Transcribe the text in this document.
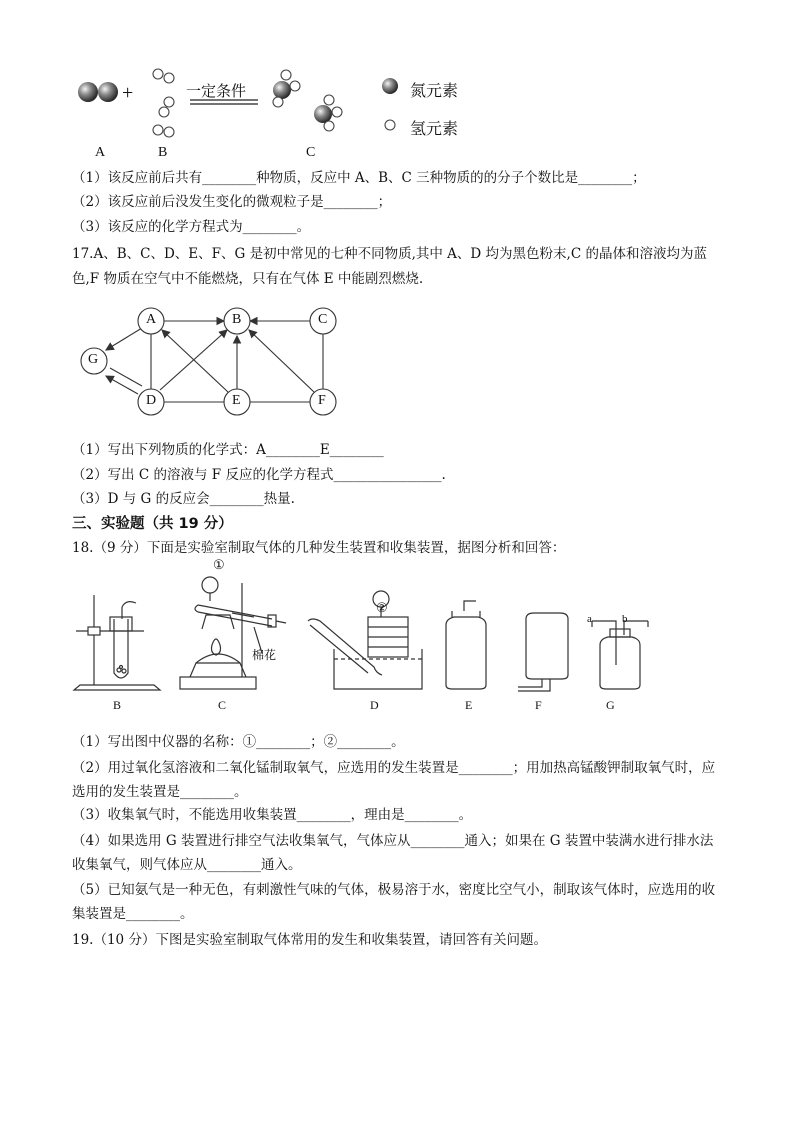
+	一定条件	氮元素
氢元素
A	B	C
（1）该反应前后共有________种物质，反应中 A、B、C 三种物质的的分子个数比是________；
（2）该反应前后没发生变化的微观粒子是________；
（3）该反应的化学方程式为________。
17.A、B、C、D、E、F、G 是初中常见的七种不同物质,其中 A、D 均为黑色粉末,C 的晶体和溶液均为蓝色,F 物质在空气中不能燃烧，只有在气体 E 中能剧烈燃烧.
A	B	C
G
D	E	F
（1）写出下列物质的化学式：A________E________
（2）写出 C 的溶液与 F 反应的化学方程式________________.
（3）D 与 G 的反应会________热量.
三、实验题（共 19 分）
18.（9 分）下面是实验室制取气体的几种发生装置和收集装置，据图分析和回答：
①
②
棉花
a	b
B	C	D	E	F	G
（1）写出图中仪器的名称：①________；②________。
（2）用过氧化氢溶液和二氧化锰制取氧气，应选用的发生装置是________；用加热高锰酸钾制取氧气时，应选用的发生装置是________。
（3）收集氧气时，不能选用收集装置________，理由是________。
（4）如果选用 G 装置进行排空气法收集氧气，气体应从________通入；如果在 G 装置中装满水进行排水法收集氧气，则气体应从________通入。
（5）已知氨气是一种无色，有刺激性气味的气体，极易溶于水，密度比空气小，制取该气体时，应选用的收集装置是________。
19.（10 分）下图是实验室制取气体常用的发生和收集装置，请回答有关问题。
